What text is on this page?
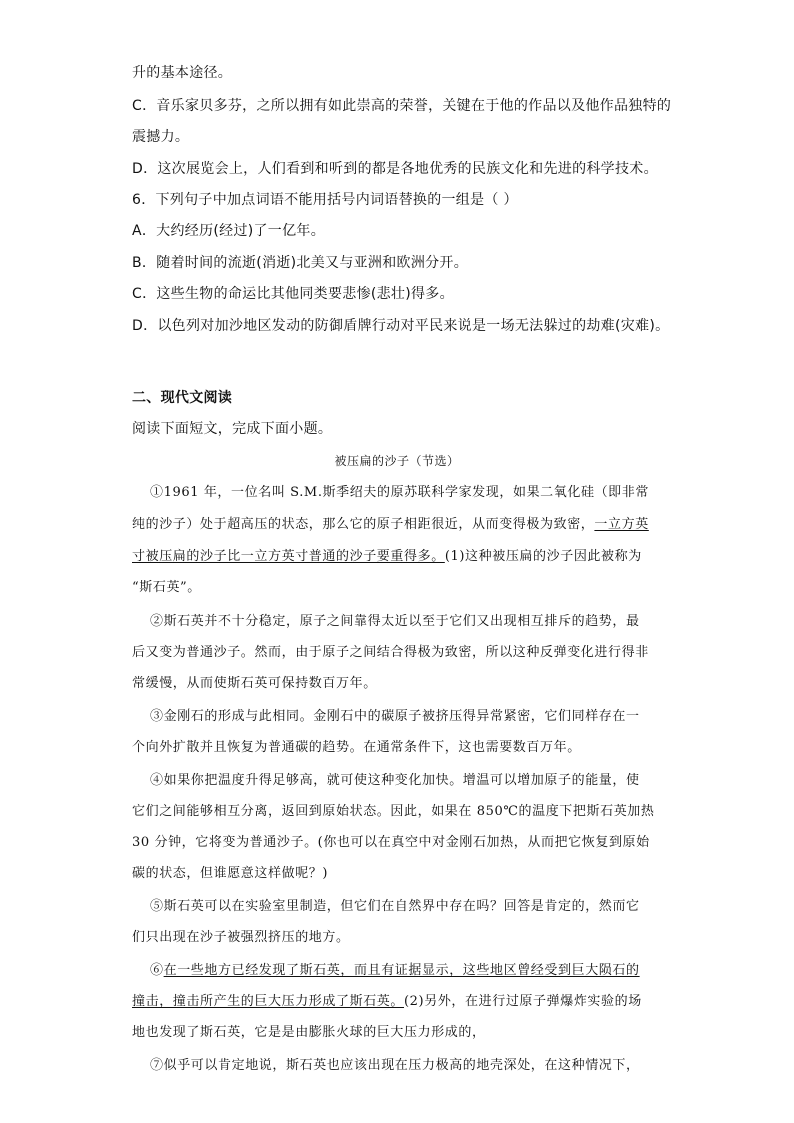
升的基本途径。
C．音乐家贝多芬，之所以拥有如此崇高的荣誉，关键在于他的作品以及他作品独特的
震撼力。
D．这次展览会上，人们看到和听到的都是各地优秀的民族文化和先进的科学技术。
6．下列句子中加点词语不能用括号内词语替换的一组是（ ）
A．大约经历(经过)了一亿年。
B．随着时间的流逝(消逝)北美又与亚洲和欧洲分开。
C．这些生物的命运比其他同类要悲惨(悲壮)得多。
D．以色列对加沙地区发动的防御盾牌行动对平民来说是一场无法躲过的劫难(灾难)。
二、现代文阅读
阅读下面短文，完成下面小题。
被压扁的沙子（节选）
①1961 年，一位名叫 S.M.斯季绍夫的原苏联科学家发现，如果二氧化硅（即非常
纯的沙子）处于超高压的状态，那么它的原子相距很近，从而变得极为致密，一立方英
寸被压扁的沙子比一立方英寸普通的沙子要重得多。(1)这种被压扁的沙子因此被称为
“斯石英”。
②斯石英并不十分稳定，原子之间靠得太近以至于它们又出现相互排斥的趋势，最
后又变为普通沙子。然而，由于原子之间结合得极为致密，所以这种反弹变化进行得非
常缓慢，从而使斯石英可保持数百万年。
③金刚石的形成与此相同。金刚石中的碳原子被挤压得异常紧密，它们同样存在一
个向外扩散并且恢复为普通碳的趋势。在通常条件下，这也需要数百万年。
④如果你把温度升得足够高，就可使这种变化加快。增温可以增加原子的能量，使
它们之间能够相互分离，返回到原始状态。因此，如果在 850℃的温度下把斯石英加热
30 分钟，它将变为普通沙子。(你也可以在真空中对金刚石加热，从而把它恢复到原始
碳的状态，但谁愿意这样做呢？)
⑤斯石英可以在实验室里制造，但它们在自然界中存在吗？回答是肯定的，然而它
们只出现在沙子被强烈挤压的地方。
⑥在一些地方已经发现了斯石英，而且有证据显示，这些地区曾经受到巨大陨石的
撞击，撞击所产生的巨大压力形成了斯石英。(2)另外，在进行过原子弹爆炸实验的场
地也发现了斯石英，它是是由膨胀火球的巨大压力形成的，
⑦似乎可以肯定地说，斯石英也应该出现在压力极高的地壳深处，在这种情况下，
